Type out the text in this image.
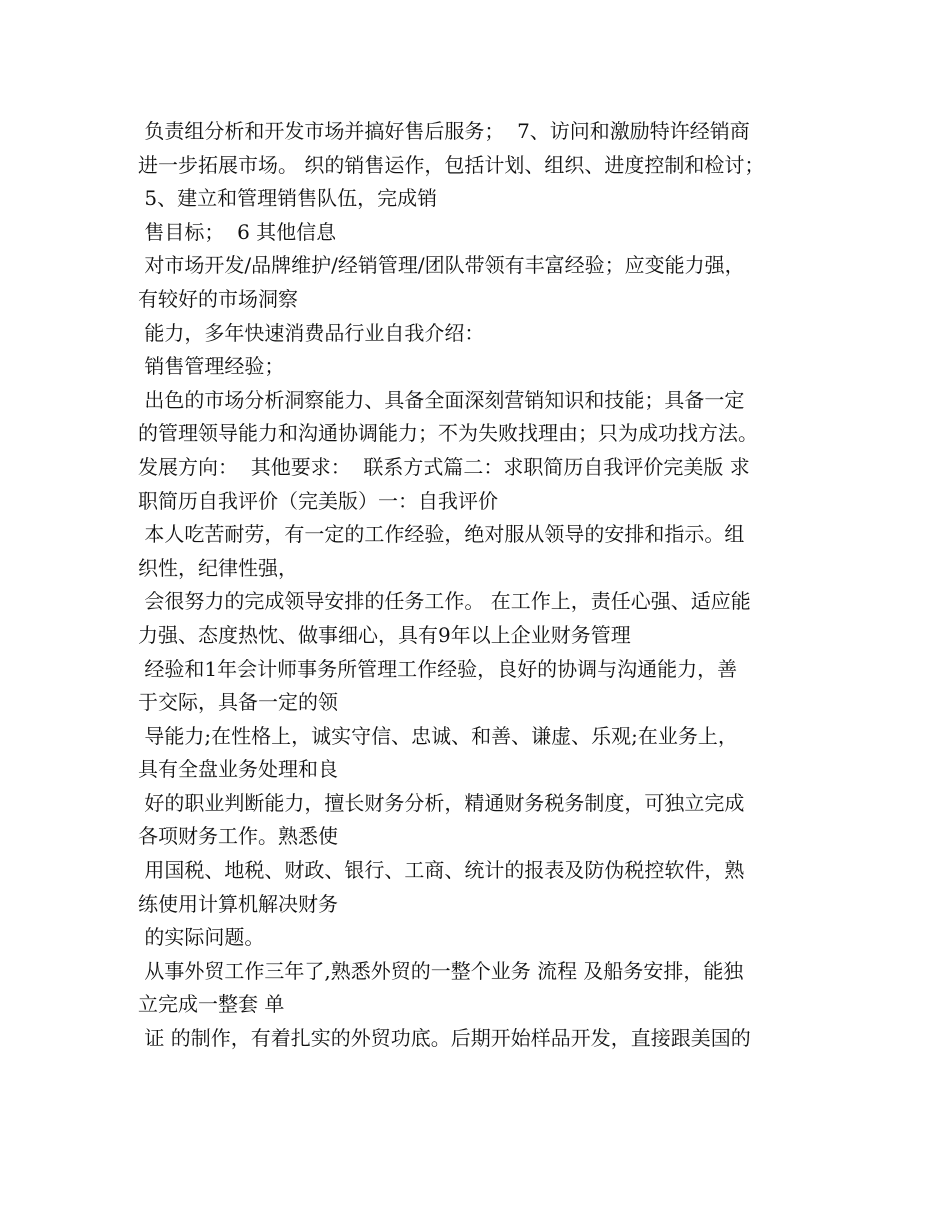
负责组分析和开发市场并搞好售后服务；  7、访问和激励特许经销商
进一步拓展市场。 织的销售运作，包括计划、组织、进度控制和检讨；
5、建立和管理销售队伍，完成销
售目标；  6 其他信息
对市场开发/品牌维护/经销管理/团队带领有丰富经验；应变能力强，
有较好的市场洞察
能力，多年快速消费品行业自我介绍：
销售管理经验；
出色的市场分析洞察能力、具备全面深刻营销知识和技能；具备一定
的管理领导能力和沟通协调能力；不为失败找理由；只为成功找方法。
发展方向：  其他要求：  联系方式篇二：求职简历自我评价完美版 求
职简历自我评价（完美版）一：自我评价
本人吃苦耐劳，有一定的工作经验，绝对服从领导的安排和指示。组
织性，纪律性强，
会很努力的完成领导安排的任务工作。 在工作上，责任心强、适应能
力强、态度热忱、做事细心，具有9年以上企业财务管理
经验和1年会计师事务所管理工作经验，良好的协调与沟通能力，善
于交际，具备一定的领
导能力;在性格上，诚实守信、忠诚、和善、谦虚、乐观;在业务上，
具有全盘业务处理和良
好的职业判断能力，擅长财务分析，精通财务税务制度，可独立完成
各项财务工作。熟悉使
用国税、地税、财政、银行、工商、统计的报表及防伪税控软件，熟
练使用计算机解决财务
的实际问题。
从事外贸工作三年了,熟悉外贸的一整个业务 流程 及船务安排，能独
立完成一整套 单
证 的制作，有着扎实的外贸功底。后期开始样品开发，直接跟美国的
